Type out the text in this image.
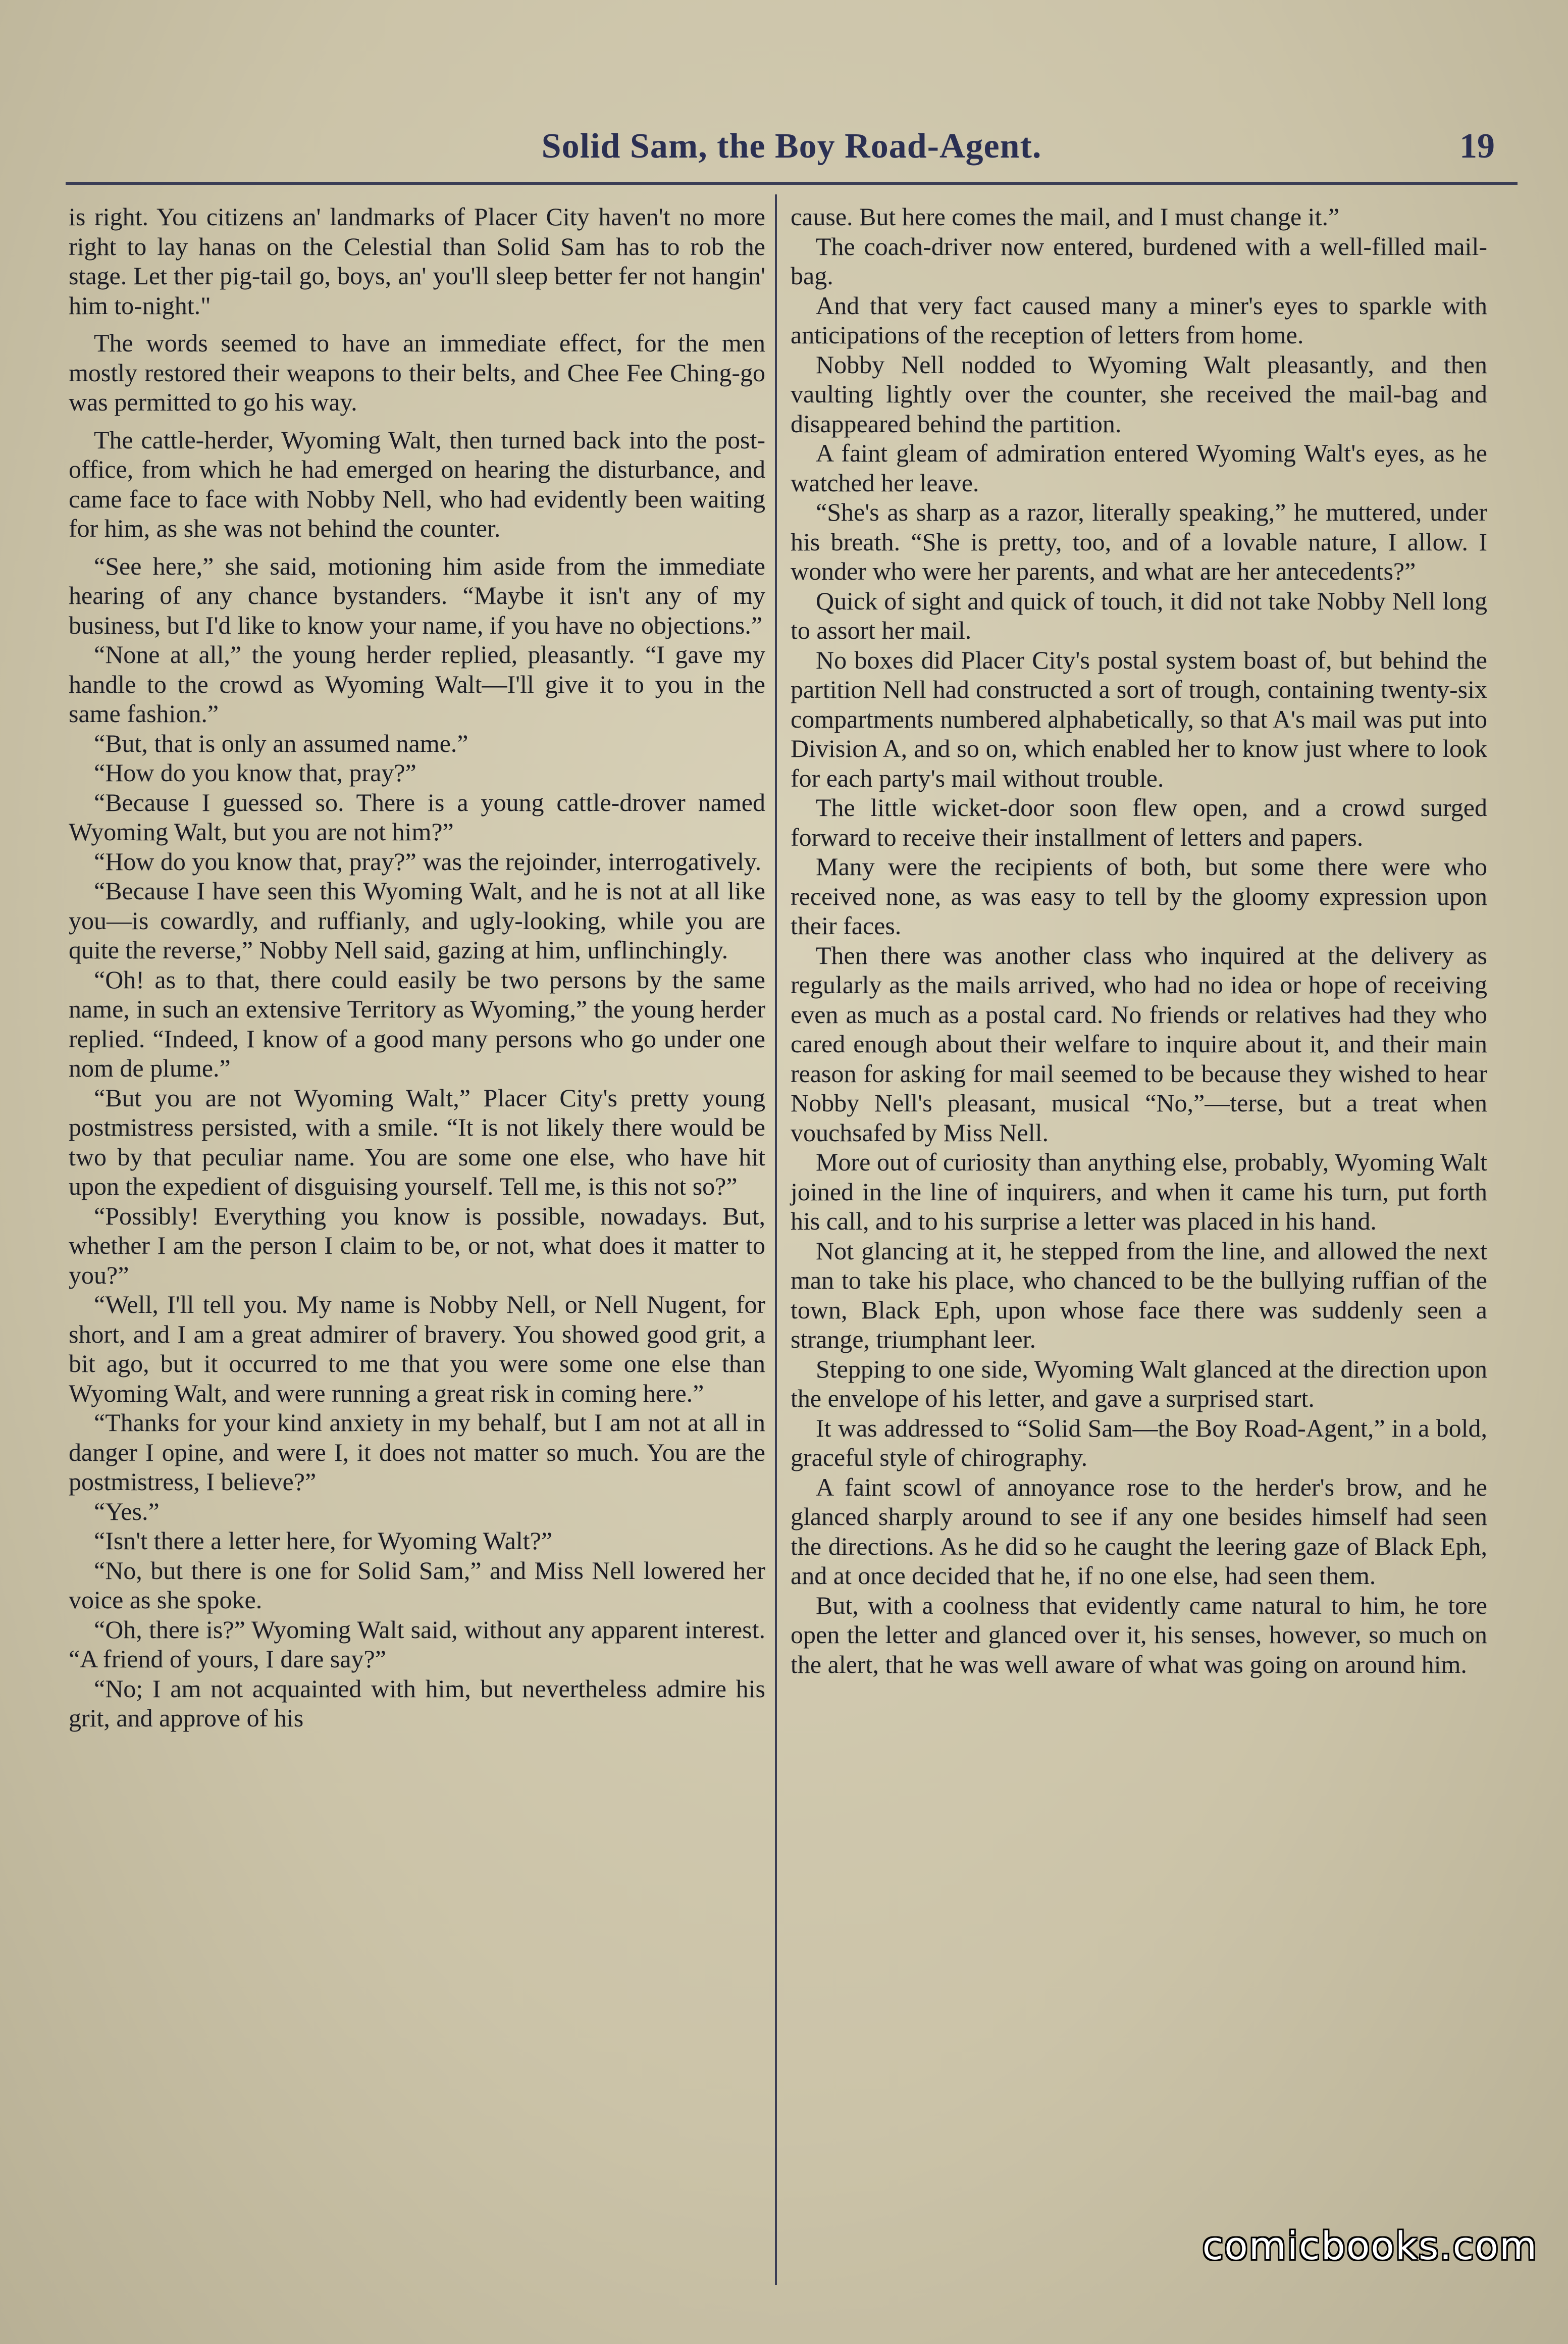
Solid Sam, the Boy Road-Agent.	19

is right. You citizens an' landmarks of Placer City haven't no more right to lay hanas on the Celestial than Solid Sam has to rob the stage. Let ther pig-tail go, boys, an' you'll sleep better fer not hangin' him to-night."

The words seemed to have an immediate effect, for the men mostly restored their weapons to their belts, and Chee Fee Ching-go was permitted to go his way.

The cattle-herder, Wyoming Walt, then turned back into the post-office, from which he had emerged on hearing the disturbance, and came face to face with Nobby Nell, who had evidently been waiting for him, as she was not behind the counter.

“See here,” she said, motioning him aside from the immediate hearing of any chance bystanders. “Maybe it isn't any of my business, but I'd like to know your name, if you have no objections.”

“None at all,” the young herder replied, pleasantly. “I gave my handle to the crowd as Wyoming Walt—I'll give it to you in the same fashion.”

“But, that is only an assumed name.”

“How do you know that, pray?”

“Because I guessed so. There is a young cattle-drover named Wyoming Walt, but you are not him?”

“How do you know that, pray?” was the rejoinder, interrogatively.

“Because I have seen this Wyoming Walt, and he is not at all like you—is cowardly, and ruffianly, and ugly-looking, while you are quite the reverse,” Nobby Nell said, gazing at him, unflinchingly.

“Oh! as to that, there could easily be two persons by the same name, in such an extensive Territory as Wyoming,” the young herder replied. “Indeed, I know of a good many persons who go under one nom de plume.”

“But you are not Wyoming Walt,” Placer City's pretty young postmistress persisted, with a smile. “It is not likely there would be two by that peculiar name. You are some one else, who have hit upon the expedient of disguising yourself. Tell me, is this not so?”

“Possibly! Everything you know is possible, nowadays. But, whether I am the person I claim to be, or not, what does it matter to you?”

“Well, I'll tell you. My name is Nobby Nell, or Nell Nugent, for short, and I am a great admirer of bravery. You showed good grit, a bit ago, but it occurred to me that you were some one else than Wyoming Walt, and were running a great risk in coming here.”

“Thanks for your kind anxiety in my behalf, but I am not at all in danger I opine, and were I, it does not matter so much. You are the postmistress, I believe?”

“Yes.”

“Isn't there a letter here, for Wyoming Walt?”

“No, but there is one for Solid Sam,” and Miss Nell lowered her voice as she spoke.

“Oh, there is?” Wyoming Walt said, without any apparent interest. “A friend of yours, I dare say?”

“No; I am not acquainted with him, but nevertheless admire his grit, and approve of his

cause. But here comes the mail, and I must change it.”

The coach-driver now entered, burdened with a well-filled mail-bag.

And that very fact caused many a miner's eyes to sparkle with anticipations of the reception of letters from home.

Nobby Nell nodded to Wyoming Walt pleasantly, and then vaulting lightly over the counter, she received the mail-bag and disappeared behind the partition.

A faint gleam of admiration entered Wyoming Walt's eyes, as he watched her leave.

“She's as sharp as a razor, literally speaking,” he muttered, under his breath. “She is pretty, too, and of a lovable nature, I allow. I wonder who were her parents, and what are her antecedents?”

Quick of sight and quick of touch, it did not take Nobby Nell long to assort her mail.

No boxes did Placer City's postal system boast of, but behind the partition Nell had constructed a sort of trough, containing twenty-six compartments numbered alphabetically, so that A's mail was put into Division A, and so on, which enabled her to know just where to look for each party's mail without trouble.

The little wicket-door soon flew open, and a crowd surged forward to receive their installment of letters and papers.

Many were the recipients of both, but some there were who received none, as was easy to tell by the gloomy expression upon their faces.

Then there was another class who inquired at the delivery as regularly as the mails arrived, who had no idea or hope of receiving even as much as a postal card. No friends or relatives had they who cared enough about their welfare to inquire about it, and their main reason for asking for mail seemed to be because they wished to hear Nobby Nell's pleasant, musical “No,”—terse, but a treat when vouchsafed by Miss Nell.

More out of curiosity than anything else, probably, Wyoming Walt joined in the line of inquirers, and when it came his turn, put forth his call, and to his surprise a letter was placed in his hand.

Not glancing at it, he stepped from the line, and allowed the next man to take his place, who chanced to be the bullying ruffian of the town, Black Eph, upon whose face there was suddenly seen a strange, triumphant leer.

Stepping to one side, Wyoming Walt glanced at the direction upon the envelope of his letter, and gave a surprised start.

It was addressed to “Solid Sam—the Boy Road-Agent,” in a bold, graceful style of chirography.

A faint scowl of annoyance rose to the herder's brow, and he glanced sharply around to see if any one besides himself had seen the directions. As he did so he caught the leering gaze of Black Eph, and at once decided that he, if no one else, had seen them.

But, with a coolness that evidently came natural to him, he tore open the letter and glanced over it, his senses, however, so much on the alert, that he was well aware of what was going on around him.

comicbooks.com
